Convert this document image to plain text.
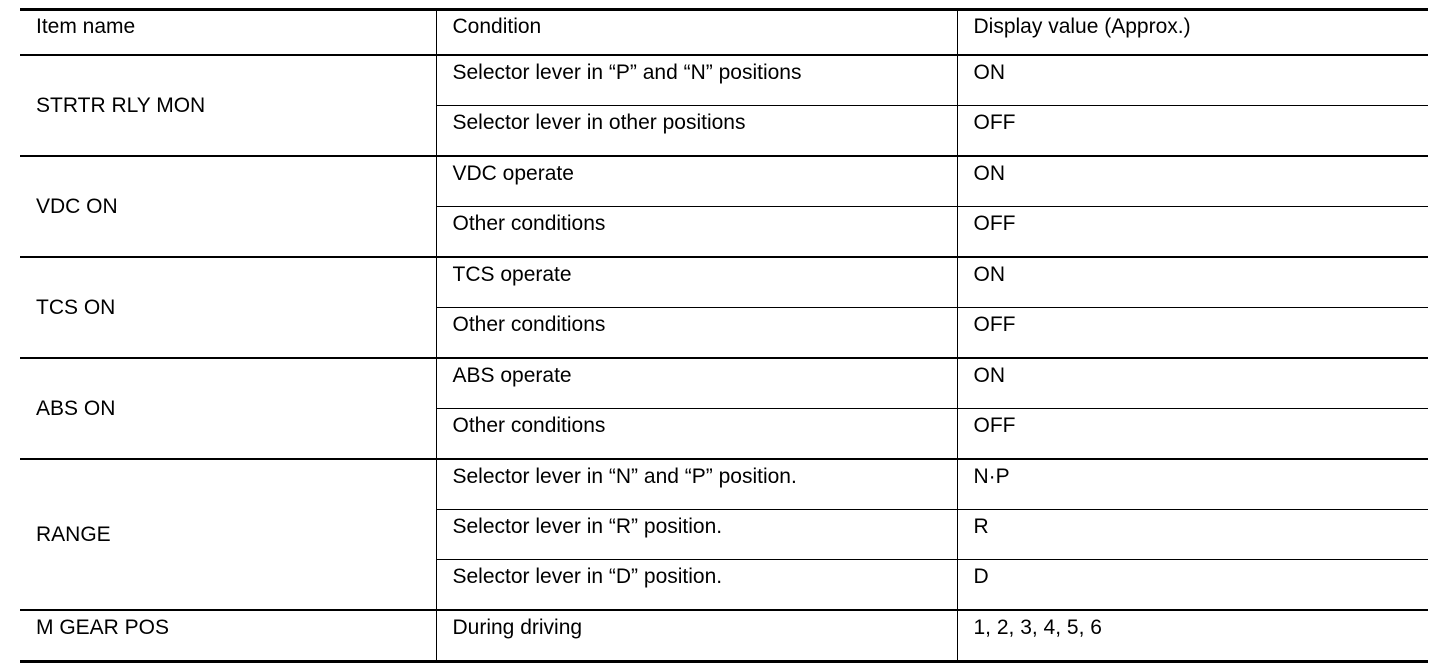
Item name	Condition	Display value (Approx.)
STRTR RLY MON	Selector lever in “P” and “N” positions	ON
	Selector lever in other positions	OFF
VDC ON	VDC operate	ON
	Other conditions	OFF
TCS ON	TCS operate	ON
	Other conditions	OFF
ABS ON	ABS operate	ON
	Other conditions	OFF
RANGE	Selector lever in “N” and “P” position.	N·P
	Selector lever in “R” position.	R
	Selector lever in “D” position.	D
M GEAR POS	During driving	1, 2, 3, 4, 5, 6
